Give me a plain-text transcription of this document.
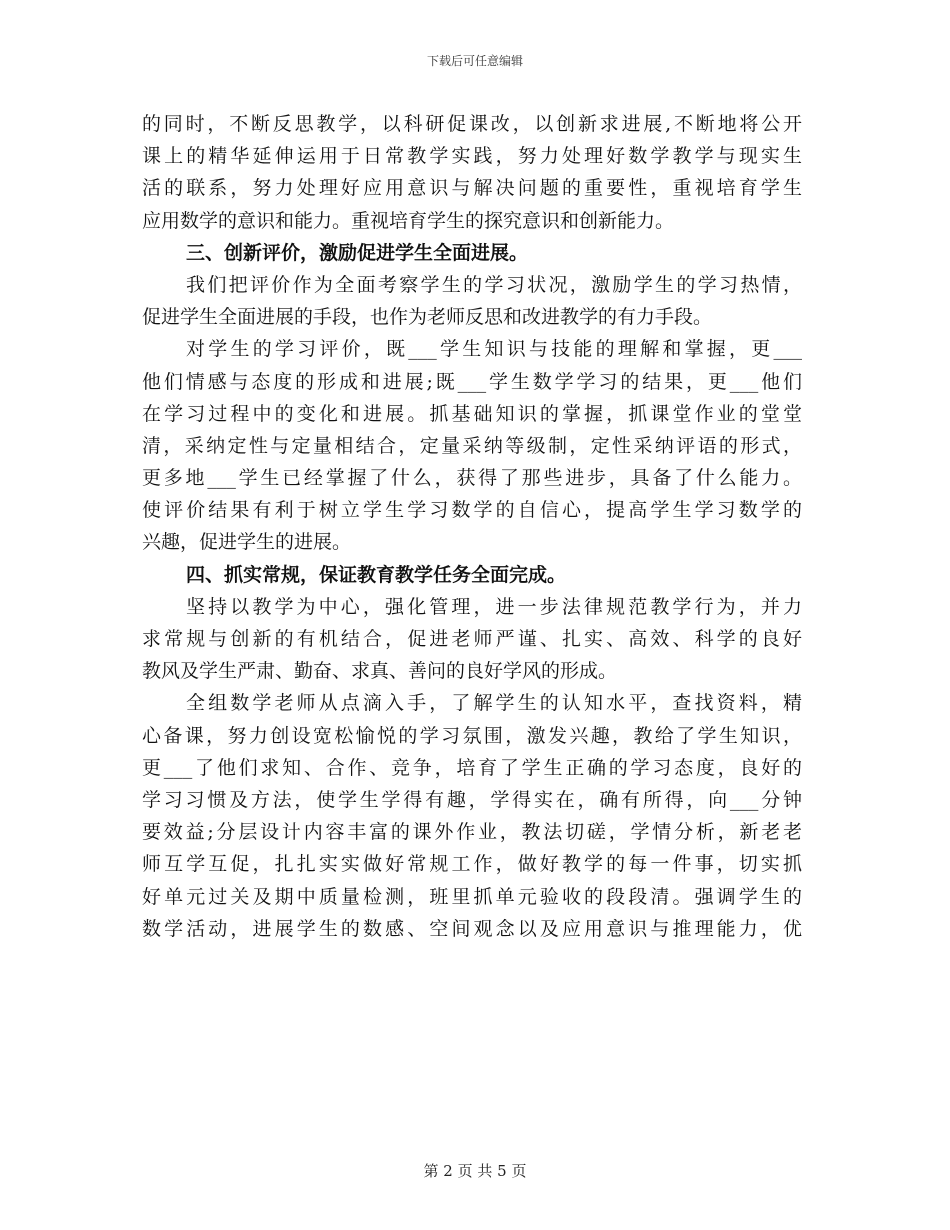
下载后可任意编辑
的同时，不断反思教学，以科研促课改，以创新求进展,不断地将公开
课上的精华延伸运用于日常教学实践，努力处理好数学教学与现实生
活的联系，努力处理好应用意识与解决问题的重要性，重视培育学生
应用数学的意识和能力。重视培育学生的探究意识和创新能力。
三、创新评价，激励促进学生全面进展。
我们把评价作为全面考察学生的学习状况，激励学生的学习热情，
促进学生全面进展的手段，也作为老师反思和改进教学的有力手段。
对学生的学习评价，既___学生知识与技能的理解和掌握，更___
他们情感与态度的形成和进展;既___学生数学学习的结果，更___他们
在学习过程中的变化和进展。抓基础知识的掌握，抓课堂作业的堂堂
清，采纳定性与定量相结合，定量采纳等级制，定性采纳评语的形式，
更多地___学生已经掌握了什么，获得了那些进步，具备了什么能力。
使评价结果有利于树立学生学习数学的自信心，提高学生学习数学的
兴趣，促进学生的进展。
四、抓实常规，保证教育教学任务全面完成。
坚持以教学为中心，强化管理，进一步法律规范教学行为，并力
求常规与创新的有机结合，促进老师严谨、扎实、高效、科学的良好
教风及学生严肃、勤奋、求真、善问的良好学风的形成。
全组数学老师从点滴入手，了解学生的认知水平，查找资料，精
心备课，努力创设宽松愉悦的学习氛围，激发兴趣，教给了学生知识，
更___了他们求知、合作、竞争，培育了学生正确的学习态度，良好的
学习习惯及方法，使学生学得有趣，学得实在，确有所得，向___分钟
要效益;分层设计内容丰富的课外作业，教法切磋，学情分析，新老老
师互学互促，扎扎实实做好常规工作，做好教学的每一件事，切实抓
好单元过关及期中质量检测，班里抓单元验收的段段清。强调学生的
数学活动，进展学生的数感、空间观念以及应用意识与推理能力，优
第 2 页 共 5 页
